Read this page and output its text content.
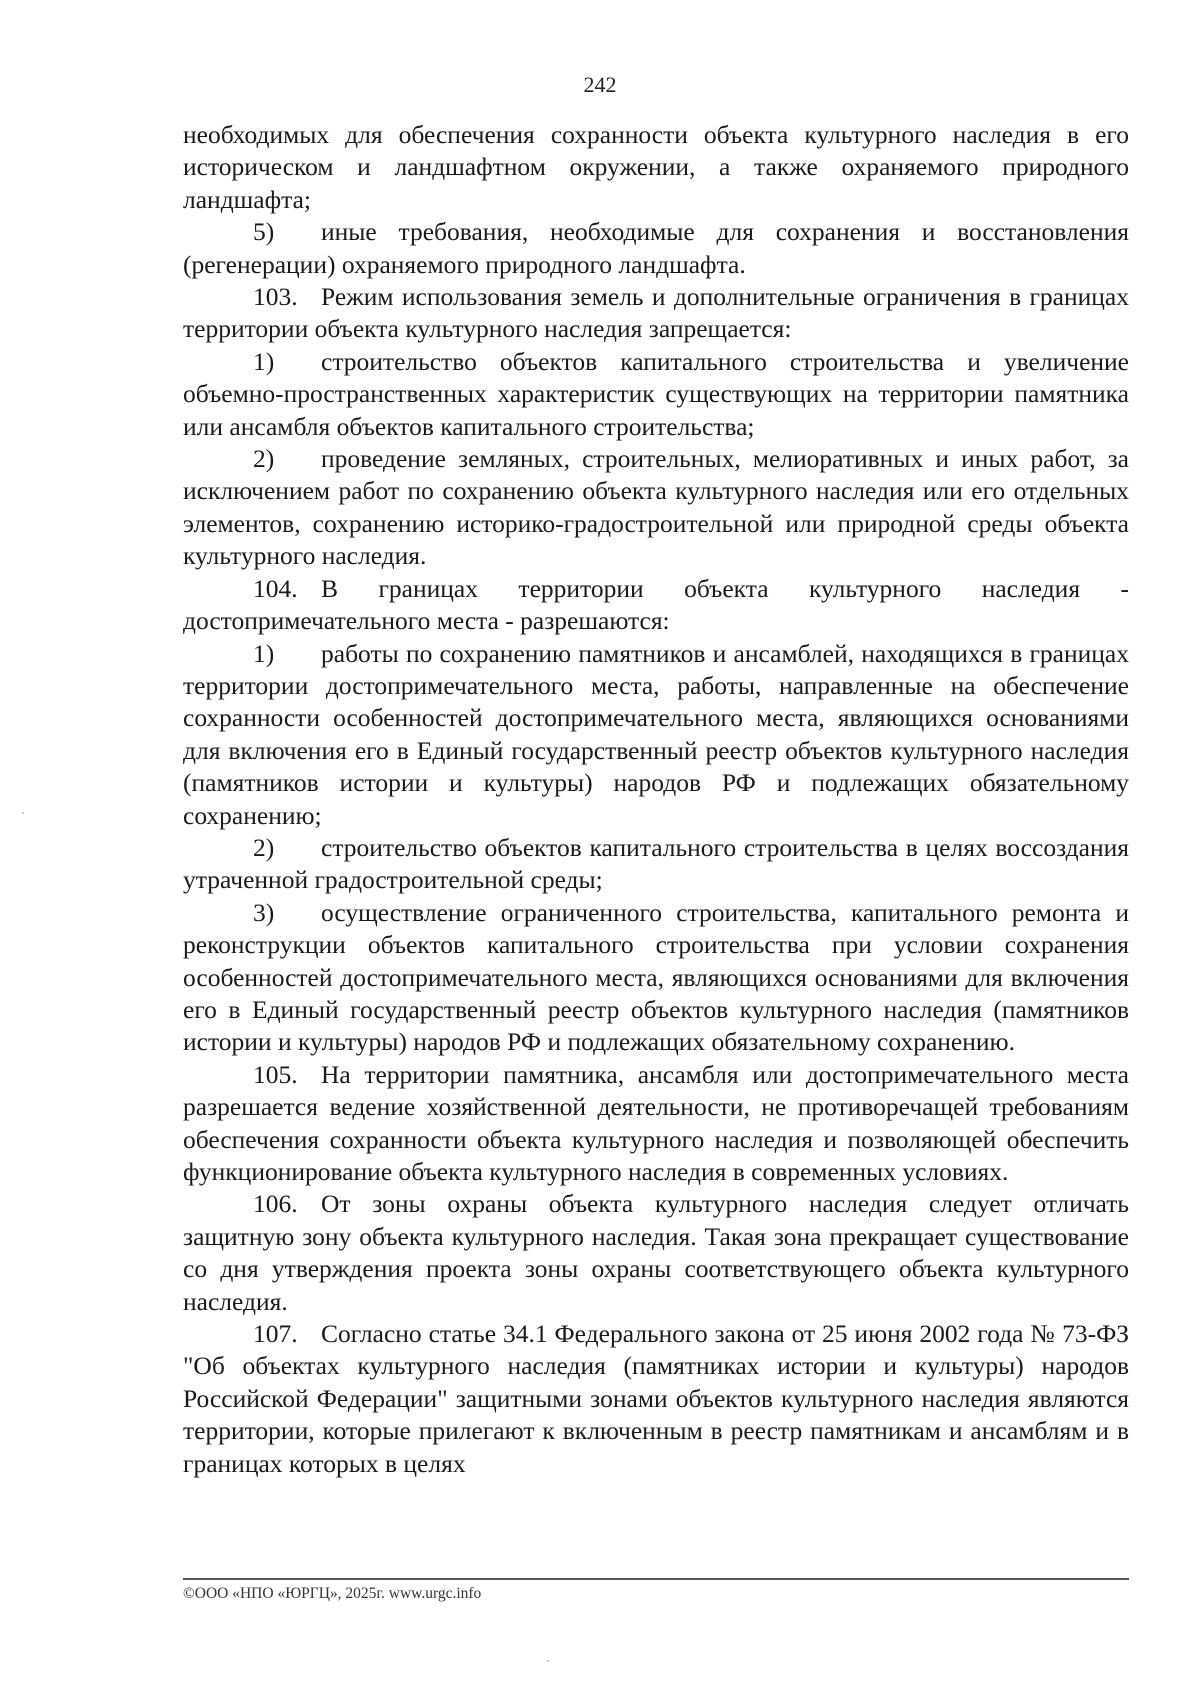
242

необходимых для обеспечения сохранности объекта культурного наследия в его историческом и ландшафтном окружении, а также охраняемого природного ландшафта;

5) иные требования, необходимые для сохранения и восстановления (регенерации) охраняемого природного ландшафта.

103. Режим использования земель и дополнительные ограничения в границах территории объекта культурного наследия запрещается:

1) строительство объектов капитального строительства и увеличение объемно-пространственных характеристик существующих на территории памятника или ансамбля объектов капитального строительства;

2) проведение земляных, строительных, мелиоративных и иных работ, за исключением работ по сохранению объекта культурного наследия или его отдельных элементов, сохранению историко-градостроительной или природной среды объекта культурного наследия.

104. В границах территории объекта культурного наследия - достопримечательного места - разрешаются:

1) работы по сохранению памятников и ансамблей, находящихся в границах территории достопримечательного места, работы, направленные на обеспечение сохранности особенностей достопримечательного места, являющихся основаниями для включения его в Единый государственный реестр объектов культурного наследия (памятников истории и культуры) народов РФ и подлежащих обязательному сохранению;

2) строительство объектов капитального строительства в целях воссоздания утраченной градостроительной среды;

3) осуществление ограниченного строительства, капитального ремонта и реконструкции объектов капитального строительства при условии сохранения особенностей достопримечательного места, являющихся основаниями для включения его в Единый государственный реестр объектов культурного наследия (памятников истории и культуры) народов РФ и подлежащих обязательному сохранению.

105. На территории памятника, ансамбля или достопримечательного места разрешается ведение хозяйственной деятельности, не противоречащей требованиям обеспечения сохранности объекта культурного наследия и позволяющей обеспечить функционирование объекта культурного наследия в современных условиях.

106. От зоны охраны объекта культурного наследия следует отличать защитную зону объекта культурного наследия. Такая зона прекращает существование со дня утверждения проекта зоны охраны соответствующего объекта культурного наследия.

107. Согласно статье 34.1 Федерального закона от 25 июня 2002 года № 73-ФЗ "Об объектах культурного наследия (памятниках истории и культуры) народов Российской Федерации" защитными зонами объектов культурного наследия являются территории, которые прилегают к включенным в реестр памятникам и ансамблям и в границах которых в целях

©ООО «НПО «ЮРГЦ», 2025г. www.urgc.info
